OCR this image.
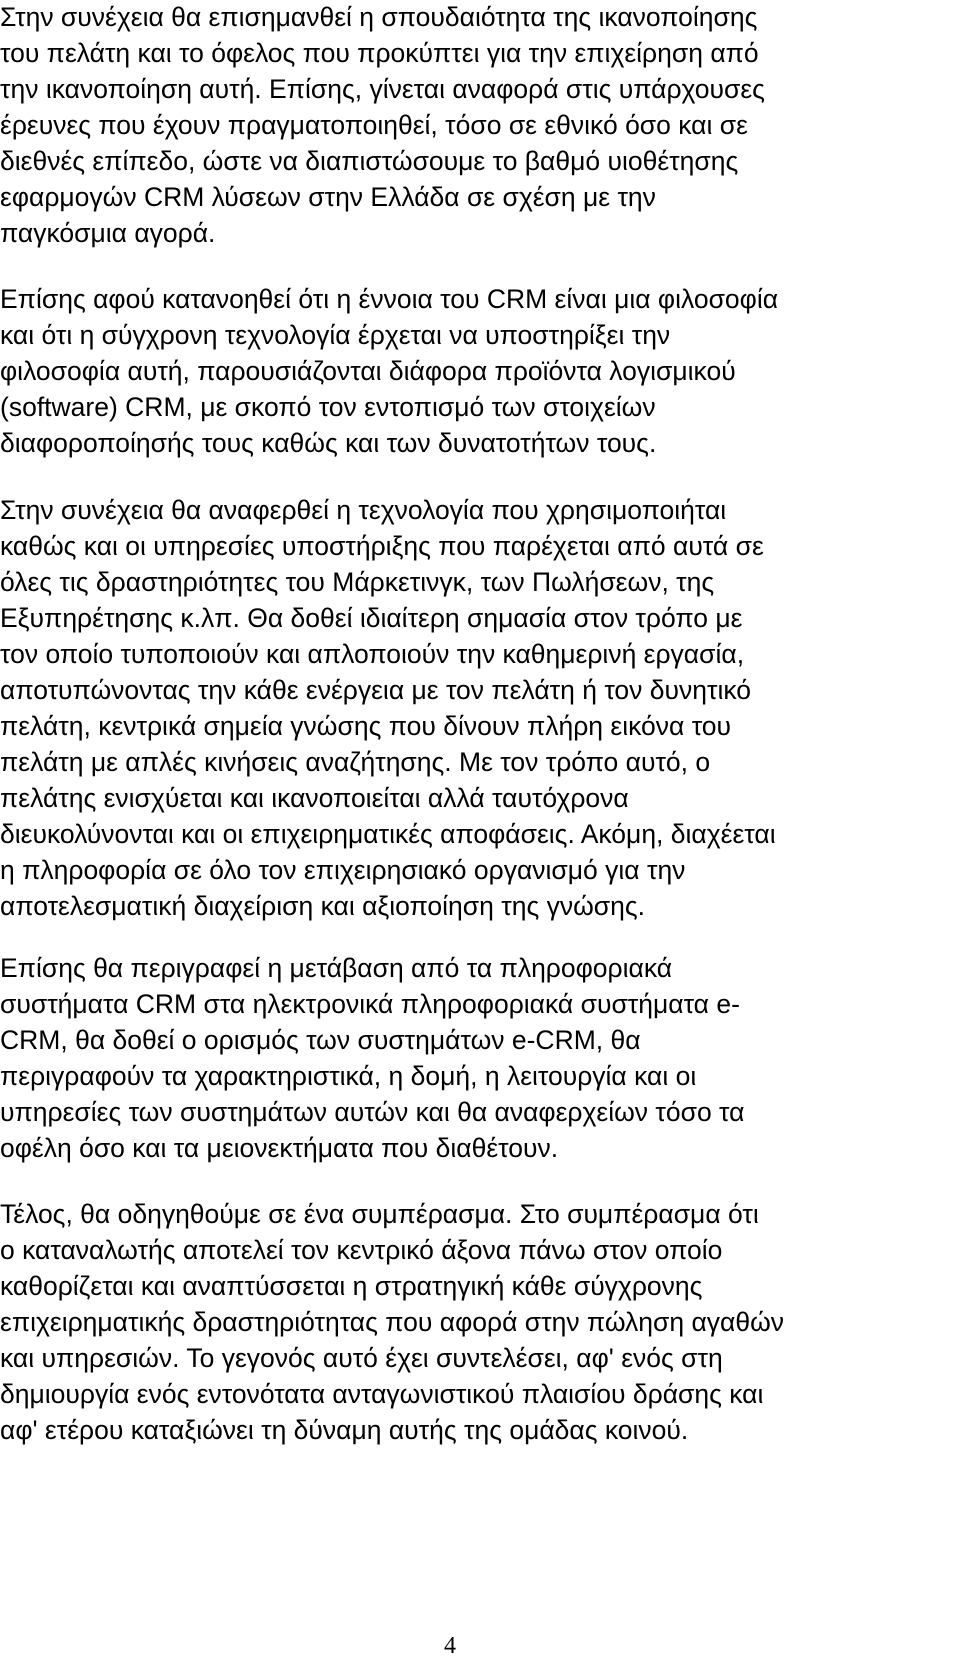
Στην συνέχεια θα επισημανθεί η σπουδαιότητα της ικανοποίησης
του πελάτη και το όφελος που προκύπτει για την επιχείρηση από
την ικανοποίηση αυτή. Επίσης, γίνεται αναφορά στις υπάρχουσες
έρευνες που έχουν πραγματοποιηθεί, τόσο σε εθνικό όσο και σε
διεθνές επίπεδο, ώστε να διαπιστώσουμε το βαθμό υιοθέτησης
εφαρμογών CRM λύσεων στην Ελλάδα σε σχέση με την
παγκόσμια αγορά.
Επίσης αφού κατανοηθεί ότι η έννοια του CRM είναι μια φιλοσοφία
και ότι η σύγχρονη τεχνολογία έρχεται να υποστηρίξει την
φιλοσοφία αυτή, παρουσιάζονται διάφορα προϊόντα λογισμικού
(software) CRM, με σκοπό τον εντοπισμό των στοιχείων
διαφοροποίησής τους καθώς και των δυνατοτήτων τους.
Στην συνέχεια θα αναφερθεί η τεχνολογία που χρησιμοποιήται
καθώς και οι υπηρεσίες υποστήριξης που παρέχεται από αυτά σε
όλες τις δραστηριότητες του Μάρκετινγκ, των Πωλήσεων, της
Εξυπηρέτησης κ.λπ. Θα δοθεί ιδιαίτερη σημασία στον τρόπο με
τον οποίο τυποποιούν και απλοποιούν την καθημερινή εργασία,
αποτυπώνοντας την κάθε ενέργεια με τον πελάτη ή τον δυνητικό
πελάτη, κεντρικά σημεία γνώσης που δίνουν πλήρη εικόνα του
πελάτη με απλές κινήσεις αναζήτησης. Με τον τρόπο αυτό, ο
πελάτης ενισχύεται και ικανοποιείται αλλά ταυτόχρονα
διευκολύνονται και οι επιχειρηματικές αποφάσεις. Ακόμη, διαχέεται
η πληροφορία σε όλο τον επιχειρησιακό οργανισμό για την
αποτελεσματική διαχείριση και αξιοποίηση της γνώσης.
Επίσης θα περιγραφεί η μετάβαση από τα πληροφοριακά
συστήματα CRM στα ηλεκτρονικά πληροφοριακά συστήματα e-
CRM, θα δοθεί ο ορισμός των συστημάτων e-CRM, θα
περιγραφούν τα χαρακτηριστικά, η δομή, η λειτουργία και οι
υπηρεσίες των συστημάτων αυτών και θα αναφερχείων τόσο τα
οφέλη όσο και τα μειονεκτήματα που διαθέτουν.
Τέλος, θα οδηγηθούμε σε ένα συμπέρασμα. Στο συμπέρασμα ότι
ο καταναλωτής αποτελεί τον κεντρικό άξονα πάνω στον οποίο
καθορίζεται και αναπτύσσεται η στρατηγική κάθε σύγχρονης
επιχειρηματικής δραστηριότητας που αφορά στην πώληση αγαθών
και υπηρεσιών. Το γεγονός αυτό έχει συντελέσει, αφ' ενός στη
δημιουργία ενός εντονότατα ανταγωνιστικού πλαισίου δράσης και
αφ' ετέρου καταξιώνει τη δύναμη αυτής της ομάδας κοινού.
4
